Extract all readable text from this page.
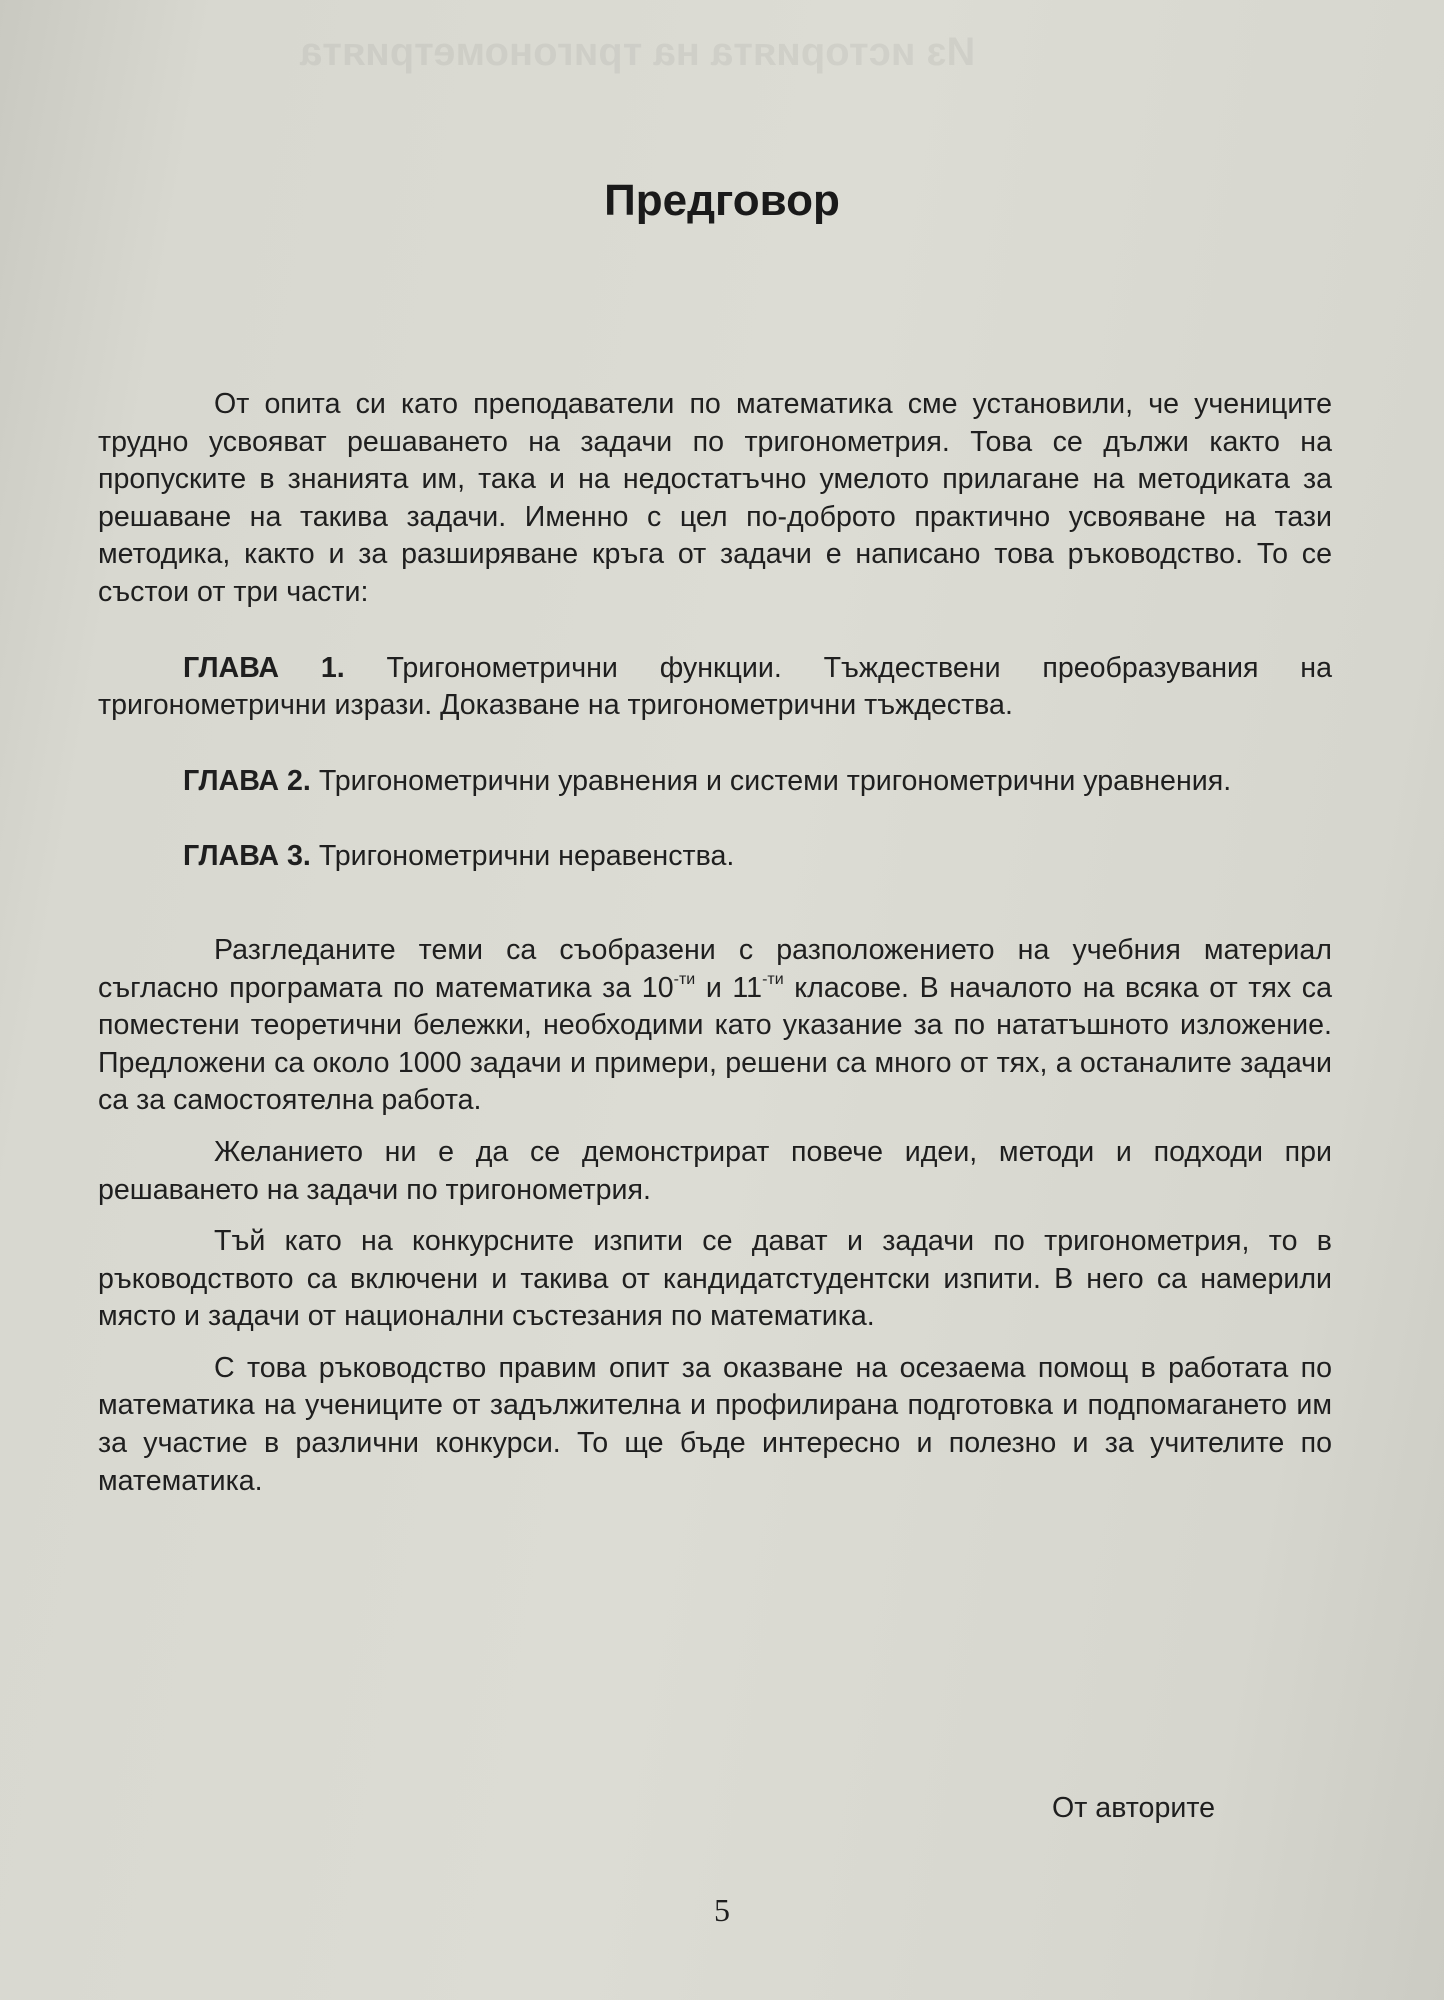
Из историята на тригонометрията
Предговор

От опита си като преподаватели по математика сме установили, че учениците трудно усвояват решаването на задачи по тригонометрия. Това се дължи както на пропуските в знанията им, така и на недостатъчно умелото прилагане на методиката за решаване на такива задачи. Именно с цел по-доброто практично усвояване на тази методика, както и за разширяване кръга от задачи е написано това ръководство. То се състои от три части:

ГЛАВА 1. Тригонометрични функции. Тъждествени преобразувания на тригонометрични изрази. Доказване на тригонометрични тъждества.

ГЛАВА 2. Тригонометрични уравнения и системи тригонометрични уравнения.

ГЛАВА 3. Тригонометрични неравенства.

Разгледаните теми са съобразени с разположението на учебния материал съгласно програмата по математика за $10^{-ти}$ и $11^{-ти}$ класове. В началото на всяка от тях са поместени теоретични бележки, необходими като указание за по нататъшното изложение. Предложени са около 1000 задачи и примери, решени са много от тях, а останалите задачи са за самостоятелна работа.

Желанието ни е да се демонстрират повече идеи, методи и подходи при решаването на задачи по тригонометрия.

Тъй като на конкурсните изпити се дават и задачи по тригонометрия, то в ръководството са включени и такива от кандидатстудентски изпити. В него са намерили място и задачи от национални състезания по математика.

С това ръководство правим опит за оказване на осезаема помощ в работата по математика на учениците от задължителна и профилирана подготовка и подпомагането им за участие в различни конкурси. То ще бъде интересно и полезно и за учителите по математика.

От авторите
5
